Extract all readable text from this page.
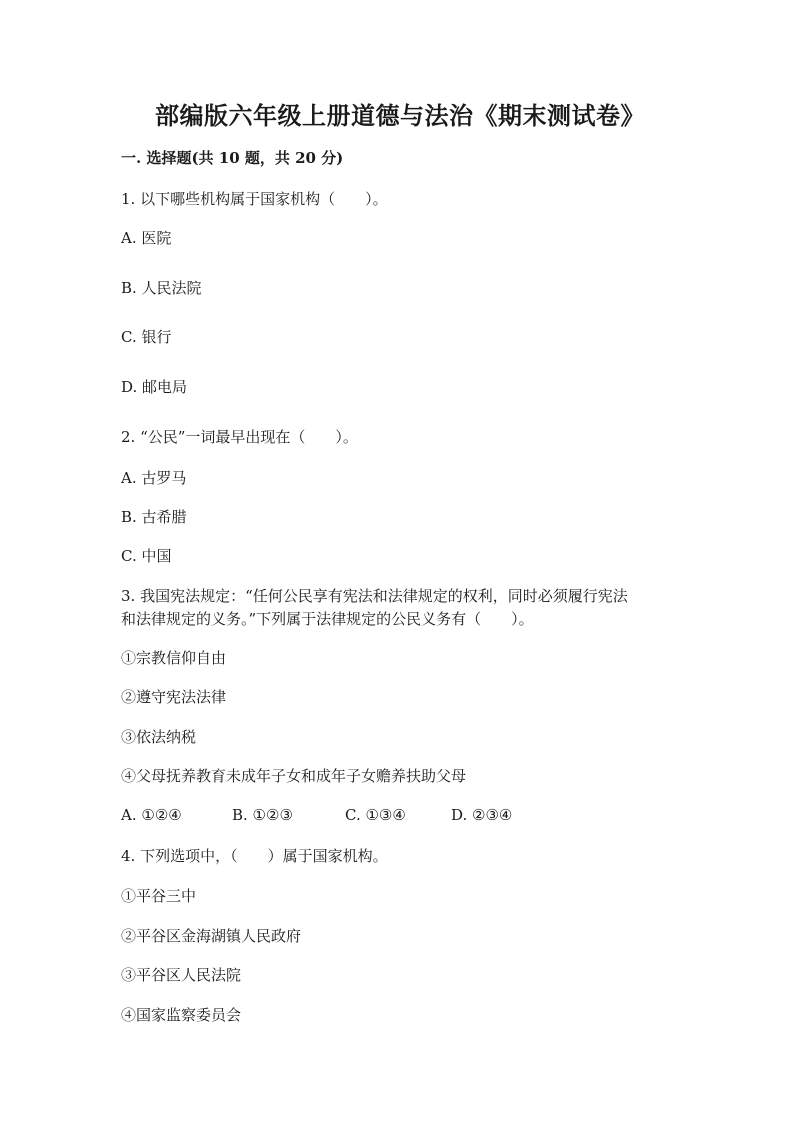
部编版六年级上册道德与法治《期末测试卷》
一. 选择题(共 10 题，共 20 分)
1. 以下哪些机构属于国家机构（　　）。
A. 医院
B. 人民法院
C. 银行
D. 邮电局
2. “公民”一词最早出现在（　　）。
A. 古罗马
B. 古希腊
C. 中国
3. 我国宪法规定：“任何公民享有宪法和法律规定的权利，同时必须履行宪法
和法律规定的义务。”下列属于法律规定的公民义务有（　　）。
①宗教信仰自由
②遵守宪法法律
③依法纳税
④父母抚养教育未成年子女和成年子女赡养扶助父母
A. ①②④	B. ①②③	C. ①③④	D. ②③④
4. 下列选项中，（　　）属于国家机构。
①平谷三中
②平谷区金海湖镇人民政府
③平谷区人民法院
④国家监察委员会
